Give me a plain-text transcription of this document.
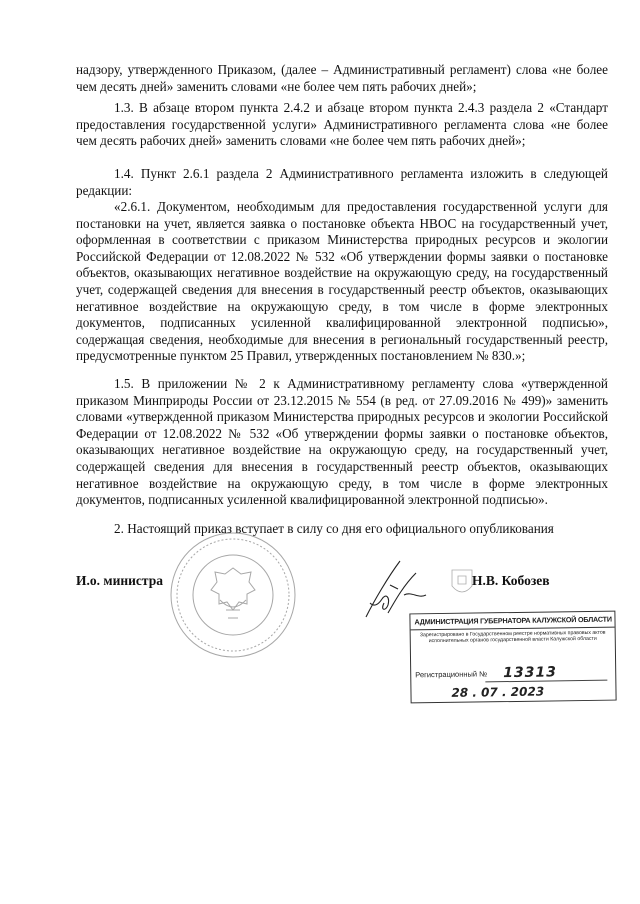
надзору, утвержденного Приказом, (далее – Административный регламент) слова «не более чем десять дней» заменить словами «не более чем пять рабочих дней»;

1.3. В абзаце втором пункта 2.4.2 и абзаце втором пункта 2.4.3 раздела 2 «Стандарт предоставления государственной услуги» Административного регламента слова «не более чем десять рабочих дней» заменить словами «не более чем пять рабочих дней»;

1.4. Пункт 2.6.1 раздела 2 Административного регламента изложить в следующей редакции:

«2.6.1. Документом, необходимым для предоставления государственной услуги для постановки на учет, является заявка о постановке объекта НВОС на государственный учет, оформленная в соответствии с приказом Министерства природных ресурсов и экологии Российской Федерации от 12.08.2022 № 532 «Об утверждении формы заявки о постановке объектов, оказывающих негативное воздействие на окружающую среду, на государственный учет, содержащей сведения для внесения в государственный реестр объектов, оказывающих негативное воздействие на окружающую среду, в том числе в форме электронных документов, подписанных усиленной квалифицированной электронной подписью», содержащая сведения, необходимые для внесения в региональный государственный реестр, предусмотренные пунктом 25 Правил, утвержденных постановлением № 830.»;

1.5. В приложении № 2 к Административному регламенту слова «утвержденной приказом Минприроды России от 23.12.2015 № 554 (в ред. от 27.09.2016 № 499)» заменить словами «утвержденной приказом Министерства природных ресурсов и экологии Российской Федерации от 12.08.2022 № 532 «Об утверждении формы заявки о постановке объектов, оказывающих негативное воздействие на окружающую среду, на государственный учет, содержащей сведения для внесения в государственный реестр объектов, оказывающих негативное воздействие на окружающую среду, в том числе в форме электронных документов, подписанных усиленной квалифицированной электронной подписью».

2. Настоящий приказ вступает в силу со дня его официального опубликования

И.о. министра	Н.В. Кобозев
АДМИНИСТРАЦИЯ ГУБЕРНАТОРА КАЛУЖСКОЙ ОБЛАСТИ
Зарегистрировано в Государственном реестре нормативных правовых актов исполнительных органов государственной власти Калужской области
Регистрационный № 13313
28 . 07 . 2023
